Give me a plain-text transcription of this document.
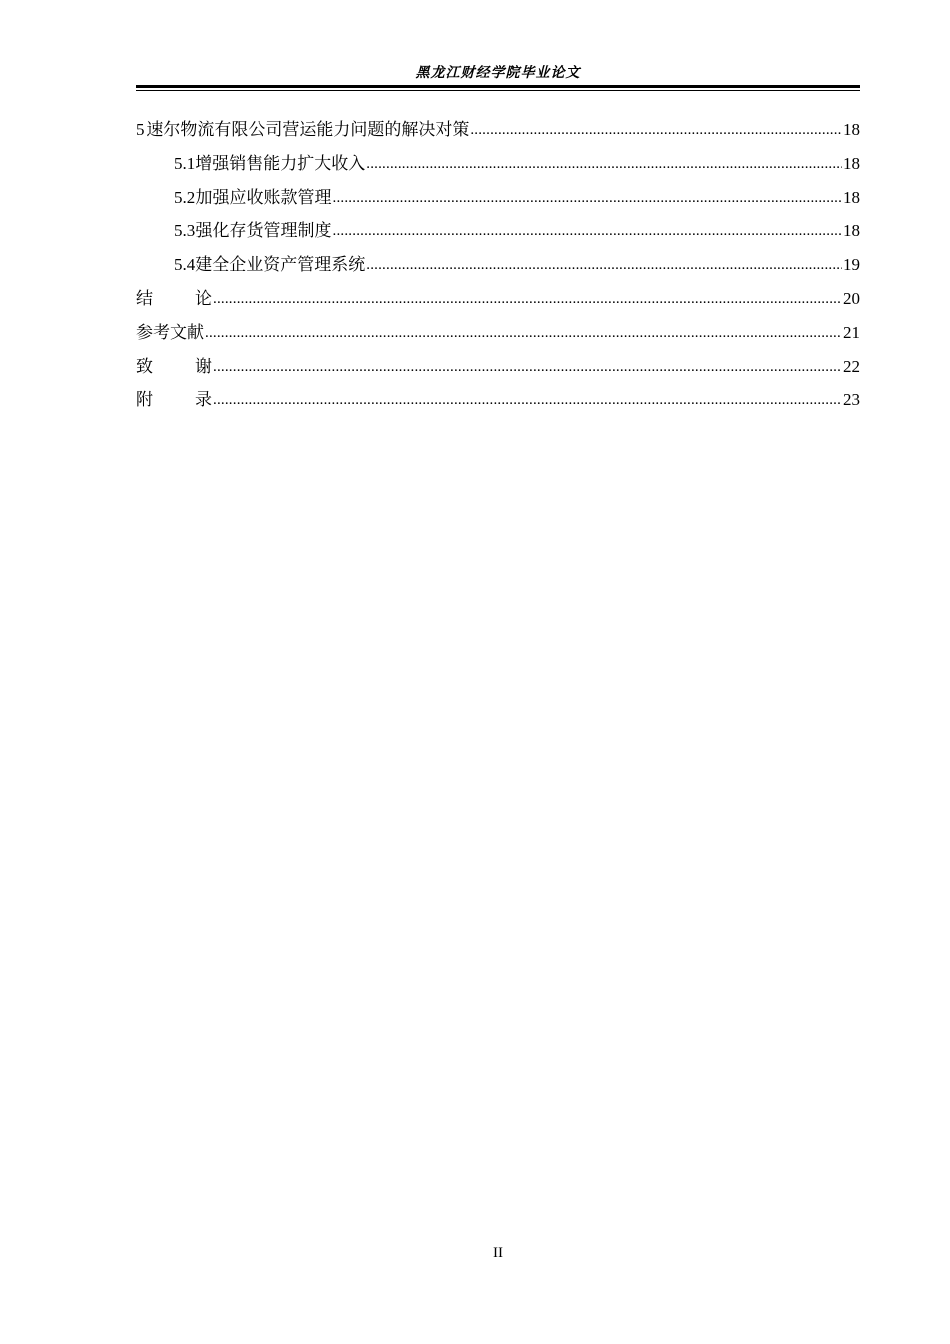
黑龙江财经学院毕业论文
5 速尔物流有限公司营运能力问题的解决对策 .....	18
5.1 增强销售能力扩大收入 .....	18
5.2 加强应收账款管理 .....	18
5.3 强化存货管理制度 .....	18
5.4 建全企业资产管理系统 .....	19
结 论 .....	20
参考文献 .....	21
致 谢 .....	22
附 录 .....	23
II
